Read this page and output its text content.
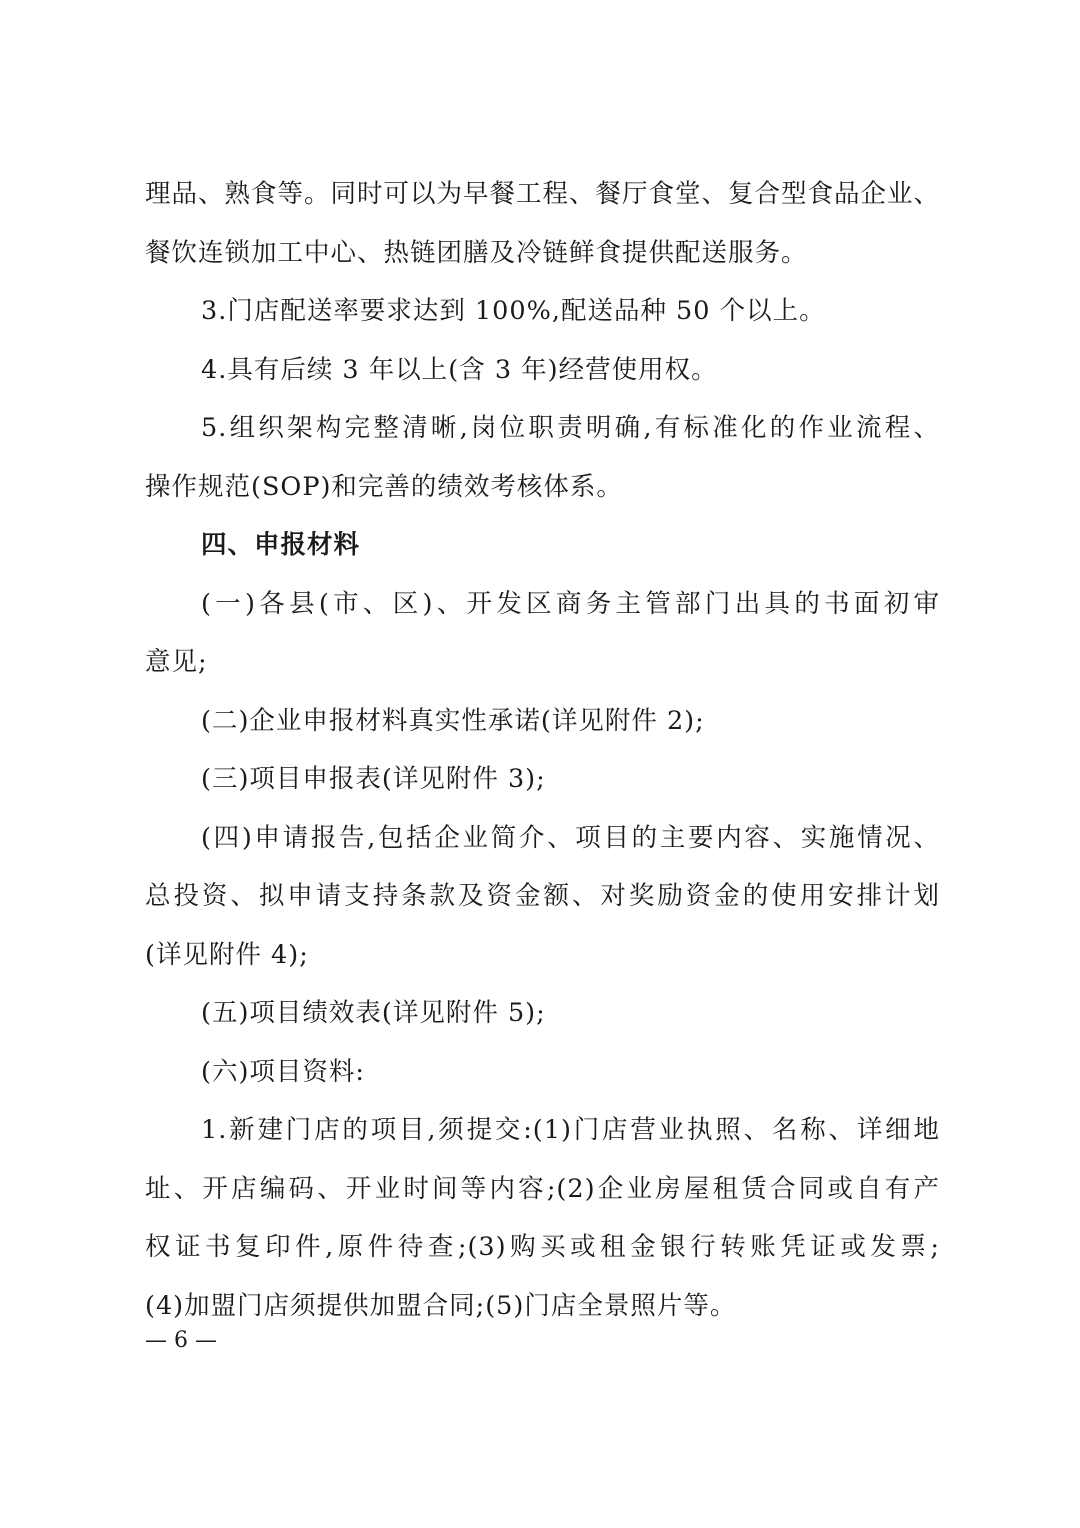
理品、熟食等。同时可以为早餐工程、餐厅食堂、复合型食品企业、
餐饮连锁加工中心、热链团膳及冷链鲜食提供配送服务。
3.门店配送率要求达到 100%,配送品种 50 个以上。
4.具有后续 3 年以上(含 3 年)经营使用权。
5.组织架构完整清晰,岗位职责明确,有标准化的作业流程、
操作规范(SOP)和完善的绩效考核体系。
四、申报材料
(一)各县(市、区)、开发区商务主管部门出具的书面初审
意见;
(二)企业申报材料真实性承诺(详见附件 2);
(三)项目申报表(详见附件 3);
(四)申请报告,包括企业简介、项目的主要内容、实施情况、
总投资、拟申请支持条款及资金额、对奖励资金的使用安排计划
(详见附件 4);
(五)项目绩效表(详见附件 5);
(六)项目资料:
1.新建门店的项目,须提交:(1)门店营业执照、名称、详细地
址、开店编码、开业时间等内容;(2)企业房屋租赁合同或自有产
权证书复印件,原件待查;(3)购买或租金银行转账凭证或发票;
(4)加盟门店须提供加盟合同;(5)门店全景照片等。
— 6 —
